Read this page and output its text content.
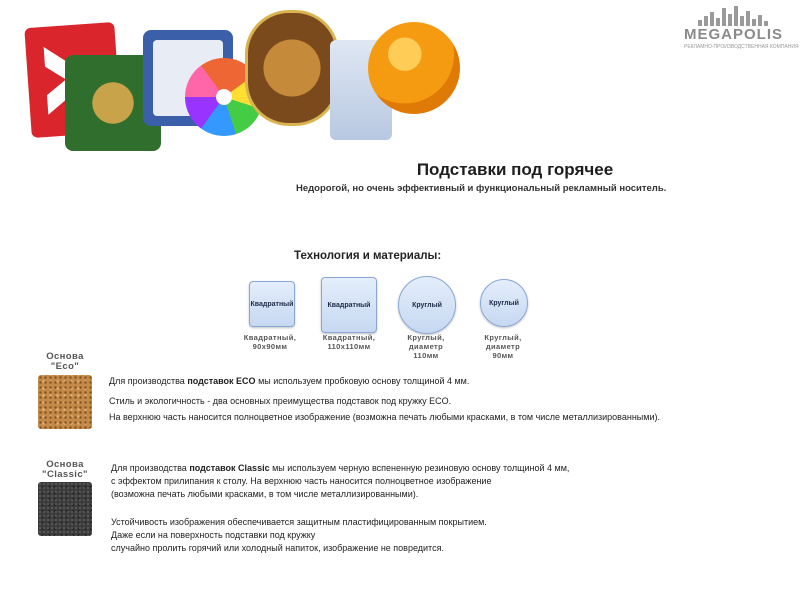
MEGAPOLIS
РЕКЛАМНО-ПРОИЗВОДСТВЕННАЯ КОМПАНИЯ
Подставки под горячее
Недорогой, но очень эффективный и функциональный рекламный носитель.
Технология и материалы:
Квадратный	Квадратный	Круглый	Круглый
Квадратный,
90х90мм
Квадратный,
110х110мм
Круглый,
диаметр
110мм
Круглый,
диаметр
90мм
Основа
"Eco"
Для производства подставок ECO мы используем пробковую основу толщиной 4 мм.
Стиль и экологичность - два основных преимущества подставок под кружку ECO.
На верхнюю часть наносится полноцветное изображение (возможна печать любыми красками, в том числе металлизированными).
Основа
"Classic"
Для производства подставок Classic мы используем черную вспененную резиновую основу толщиной 4 мм,
с эффектом прилипания к столу. На верхнюю часть наносится полноцветное изображение
(возможна печать любыми красками, в том числе металлизированными).
Устойчивость изображения обеспечивается защитным пластифицированным покрытием.
Даже если на поверхность подставки под кружку
случайно пролить горячий или холодный напиток, изображение не повредится.
